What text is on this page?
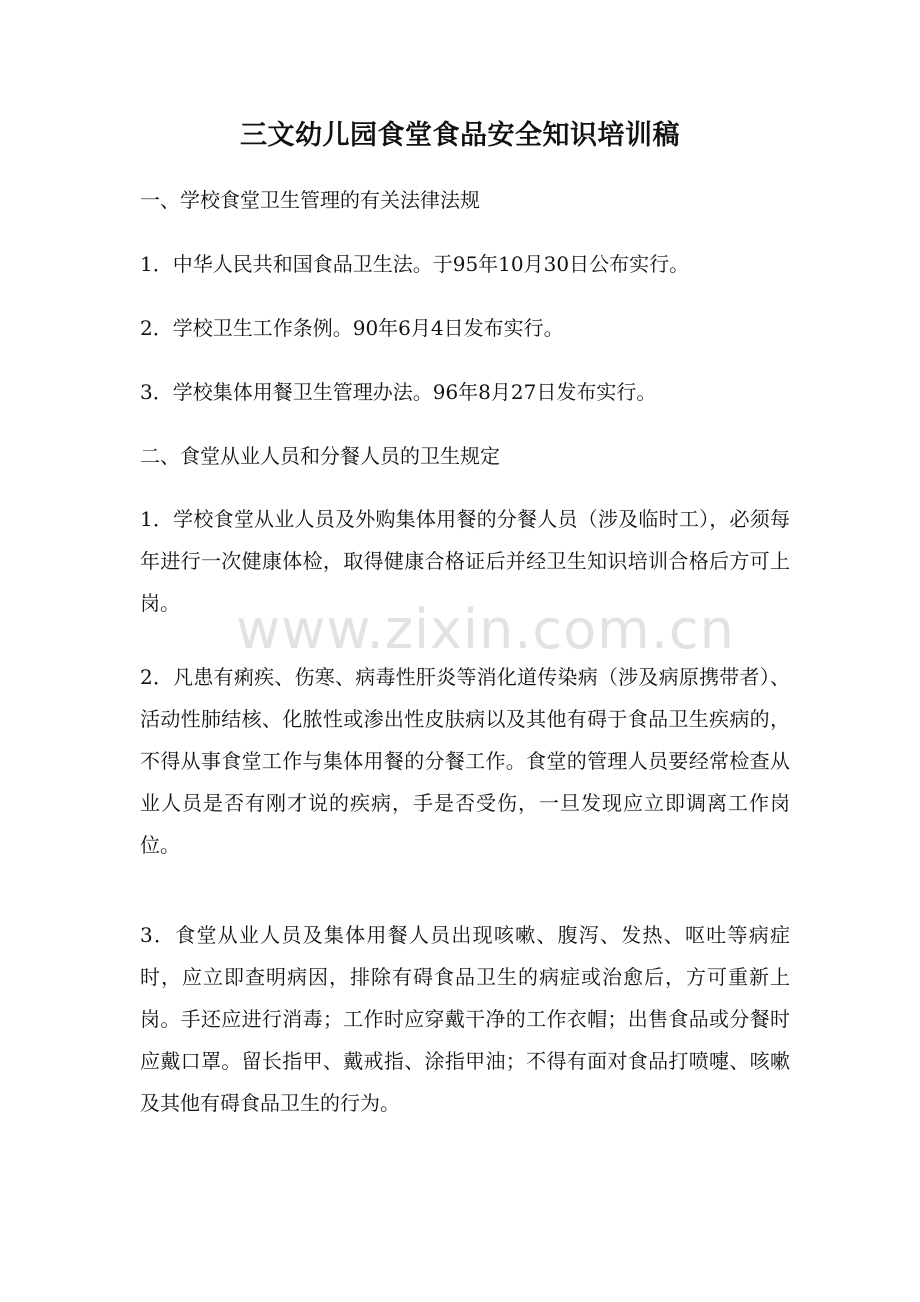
三文幼儿园食堂食品安全知识培训稿
一、学校食堂卫生管理的有关法律法规
1．中华人民共和国食品卫生法。于95年10月30日公布实行。
2．学校卫生工作条例。90年6月4日发布实行。
3．学校集体用餐卫生管理办法。96年8月27日发布实行。
二、食堂从业人员和分餐人员的卫生规定
1．学校食堂从业人员及外购集体用餐的分餐人员（涉及临时工），必须每年进行一次健康体检，取得健康合格证后并经卫生知识培训合格后方可上岗。
2．凡患有痢疾、伤寒、病毒性肝炎等消化道传染病（涉及病原携带者）、活动性肺结核、化脓性或渗出性皮肤病以及其他有碍于食品卫生疾病的，不得从事食堂工作与集体用餐的分餐工作。食堂的管理人员要经常检查从业人员是否有刚才说的疾病，手是否受伤，一旦发现应立即调离工作岗位。
3．食堂从业人员及集体用餐人员出现咳嗽、腹泻、发热、呕吐等病症时，应立即查明病因，排除有碍食品卫生的病症或治愈后，方可重新上岗。手还应进行消毒；工作时应穿戴干净的工作衣帽；出售食品或分餐时应戴口罩。留长指甲、戴戒指、涂指甲油；不得有面对食品打喷嚏、咳嗽及其他有碍食品卫生的行为。
www.zixin.com.cn
